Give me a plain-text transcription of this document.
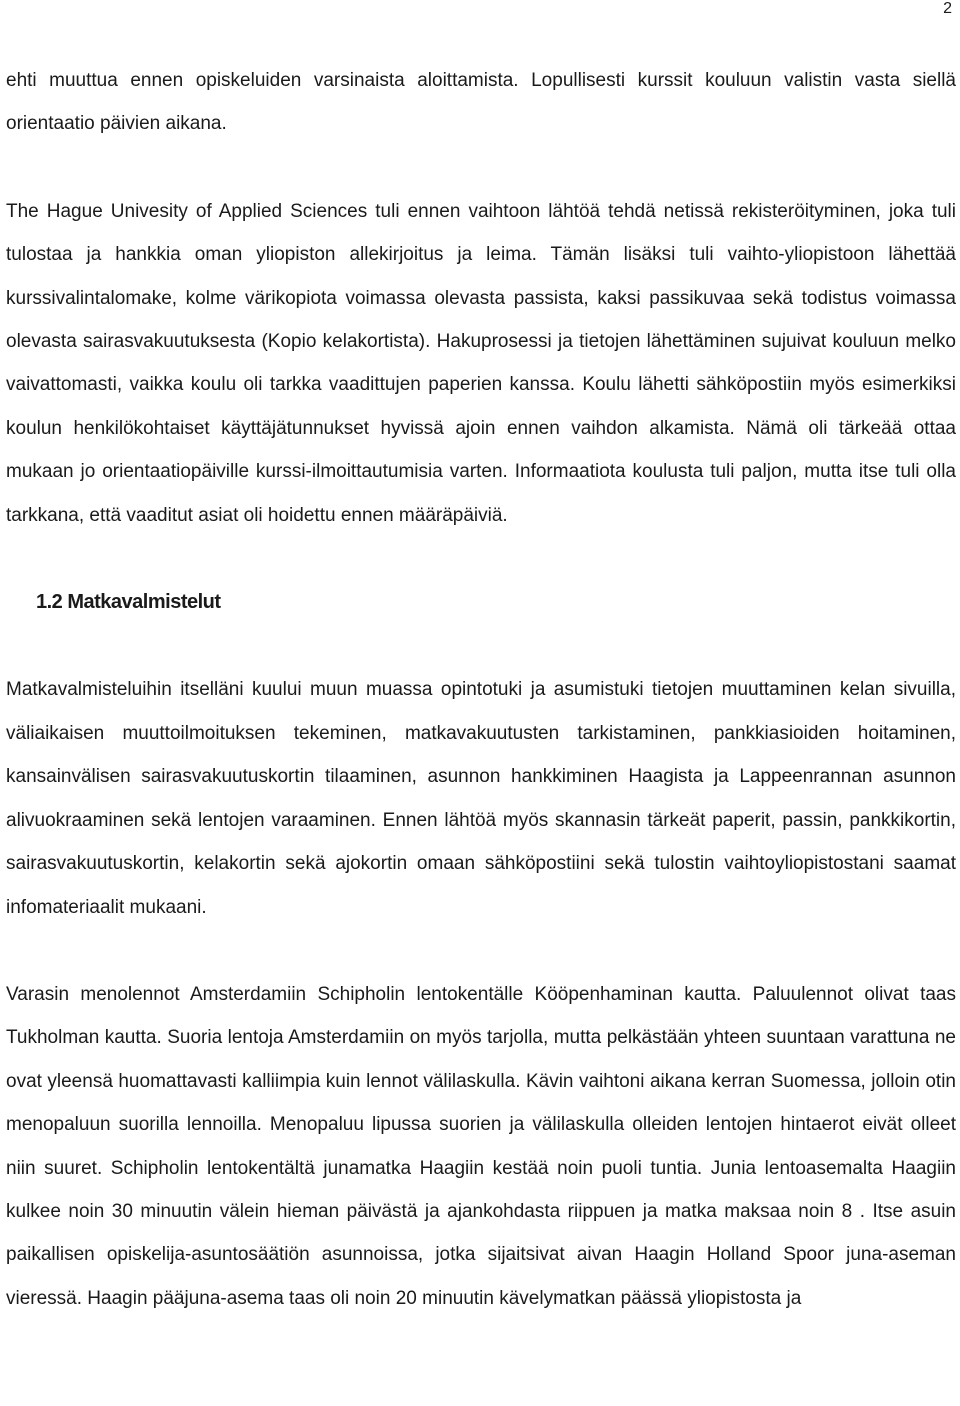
2

ehti muuttua ennen opiskeluiden varsinaista aloittamista. Lopullisesti kurssit kouluun valistin vasta siellä orientaatio päivien aikana.

The Hague Univesity of Applied Sciences tuli ennen vaihtoon lähtöä tehdä netissä rekisteröityminen, joka tuli tulostaa ja hankkia oman yliopiston allekirjoitus ja leima. Tämän lisäksi tuli vaihto-yliopistoon lähettää kurssivalintalomake, kolme värikopiota voimassa olevasta passista, kaksi passikuvaa sekä todistus voimassa olevasta sairasvakuutuksesta (Kopio kelakortista). Hakuprosessi ja tietojen lähettäminen sujuivat kouluun melko vaivattomasti, vaikka koulu oli tarkka vaadittujen paperien kanssa. Koulu lähetti sähköpostiin myös esimerkiksi koulun henkilökohtaiset käyttäjätunnukset hyvissä ajoin ennen vaihdon alkamista. Nämä oli tärkeää ottaa mukaan jo orientaatiopäiville kurssi-ilmoittautumisia varten. Informaatiota koulusta tuli paljon, mutta itse tuli olla tarkkana, että vaaditut asiat oli hoidettu ennen määräpäiviä.

1.2 Matkavalmistelut

Matkavalmisteluihin itselläni kuului muun muassa opintotuki ja asumistuki tietojen muuttaminen kelan sivuilla, väliaikaisen muuttoilmoituksen tekeminen, matkavakuutusten tarkistaminen, pankkiasioiden hoitaminen, kansainvälisen sairasvakuutuskortin tilaaminen, asunnon hankkiminen Haagista ja Lappeenrannan asunnon alivuokraaminen sekä lentojen varaaminen. Ennen lähtöä myös skannasin tärkeät paperit, passin, pankkikortin, sairasvakuutuskortin, kelakortin sekä ajokortin omaan sähköpostiini sekä tulostin vaihtoyliopistostani saamat infomateriaalit mukaani.

Varasin menolennot Amsterdamiin Schipholin lentokentälle Kööpenhaminan kautta. Paluulennot olivat taas Tukholman kautta. Suoria lentoja Amsterdamiin on myös tarjolla, mutta pelkästään yhteen suuntaan varattuna ne ovat yleensä huomattavasti kalliimpia kuin lennot välilaskulla. Kävin vaihtoni aikana kerran Suomessa, jolloin otin menopaluun suorilla lennoilla. Menopaluu lipussa suorien ja välilaskulla olleiden lentojen hintaerot eivät olleet niin suuret. Schipholin lentokentältä junamatka Haagiin kestää noin puoli tuntia. Junia lentoasemalta Haagiin kulkee noin 30 minuutin välein hieman päivästä ja ajankohdasta riippuen ja matka maksaa noin 8 . Itse asuin paikallisen opiskelija-asuntosäätiön asunnoissa, jotka sijaitsivat aivan Haagin Holland Spoor juna-aseman vieressä. Haagin pääjuna-asema taas oli noin 20 minuutin kävelymatkan päässä yliopistosta ja
